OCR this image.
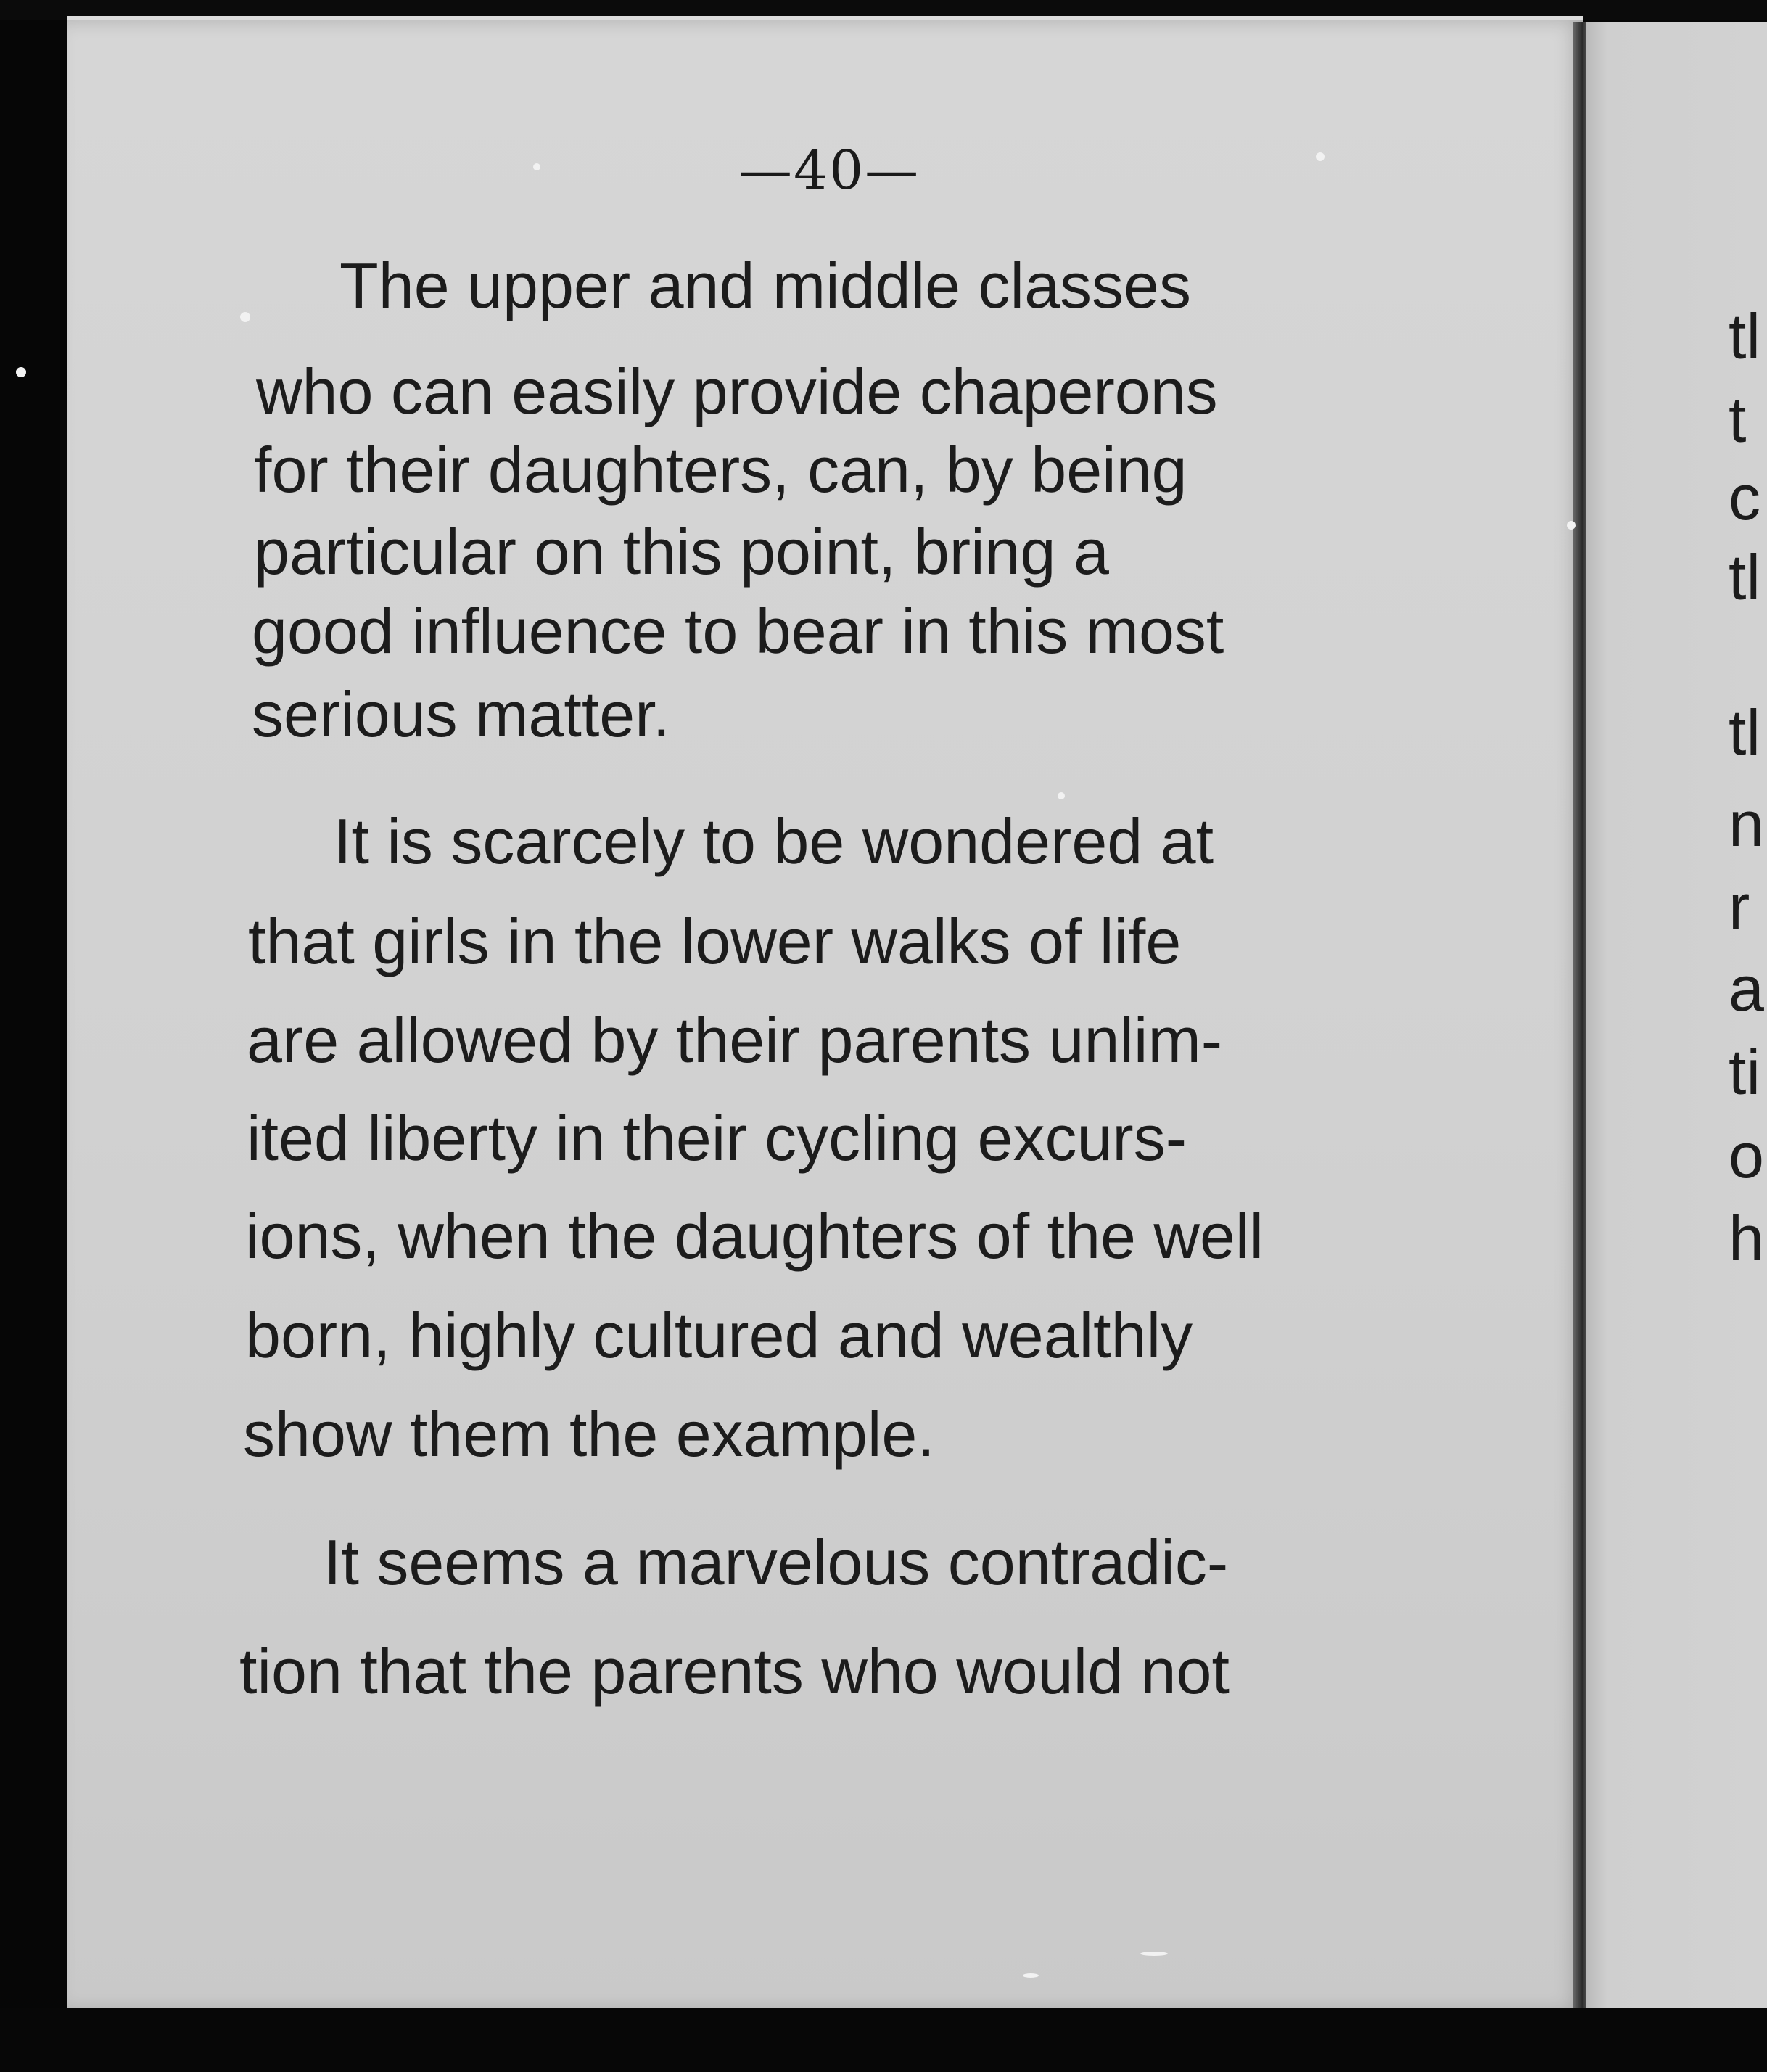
—40—
The upper and middle classes
who can easily provide chaperons
for their daughters, can, by being
particular on this point, bring a
good influence to bear in this most
serious matter.
It is scarcely to be wondered at
that girls in the lower walks of life
are allowed by their parents unlim-
ited liberty in their cycling excurs-
ions, when the daughters of the well
born, highly cultured and wealthly
show them the example.
It seems a marvelous contradic-
tion that the parents who would not
tl
t
c
tl
tl
n
r
a
ti
o
h
